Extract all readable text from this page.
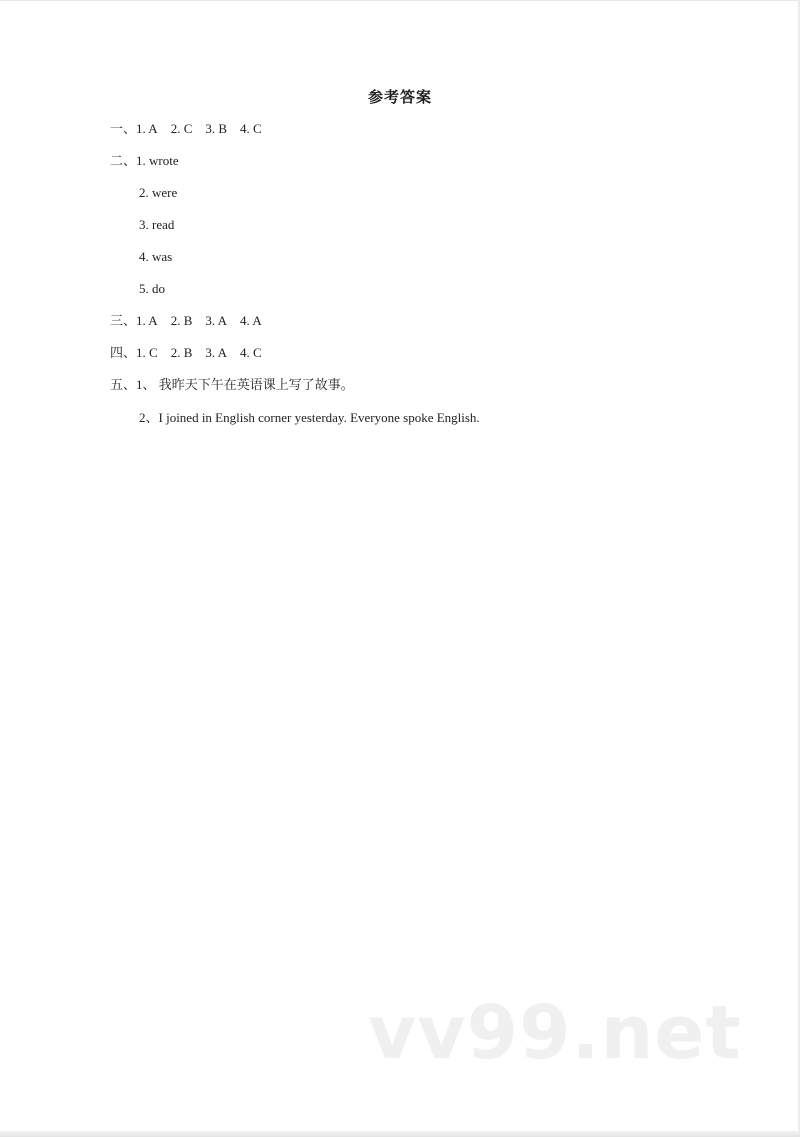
参考答案
一、1. A 2. C 3. B 4. C
二、1. wrote
2. were
3. read
4. was
5. do
三、1. A 2. B 3. A 4. A
四、1. C 2. B 3. A 4. C
五、1、 我昨天下午在英语课上写了故事。
2、I joined in English corner yesterday. Everyone spoke English.
vv99.net
